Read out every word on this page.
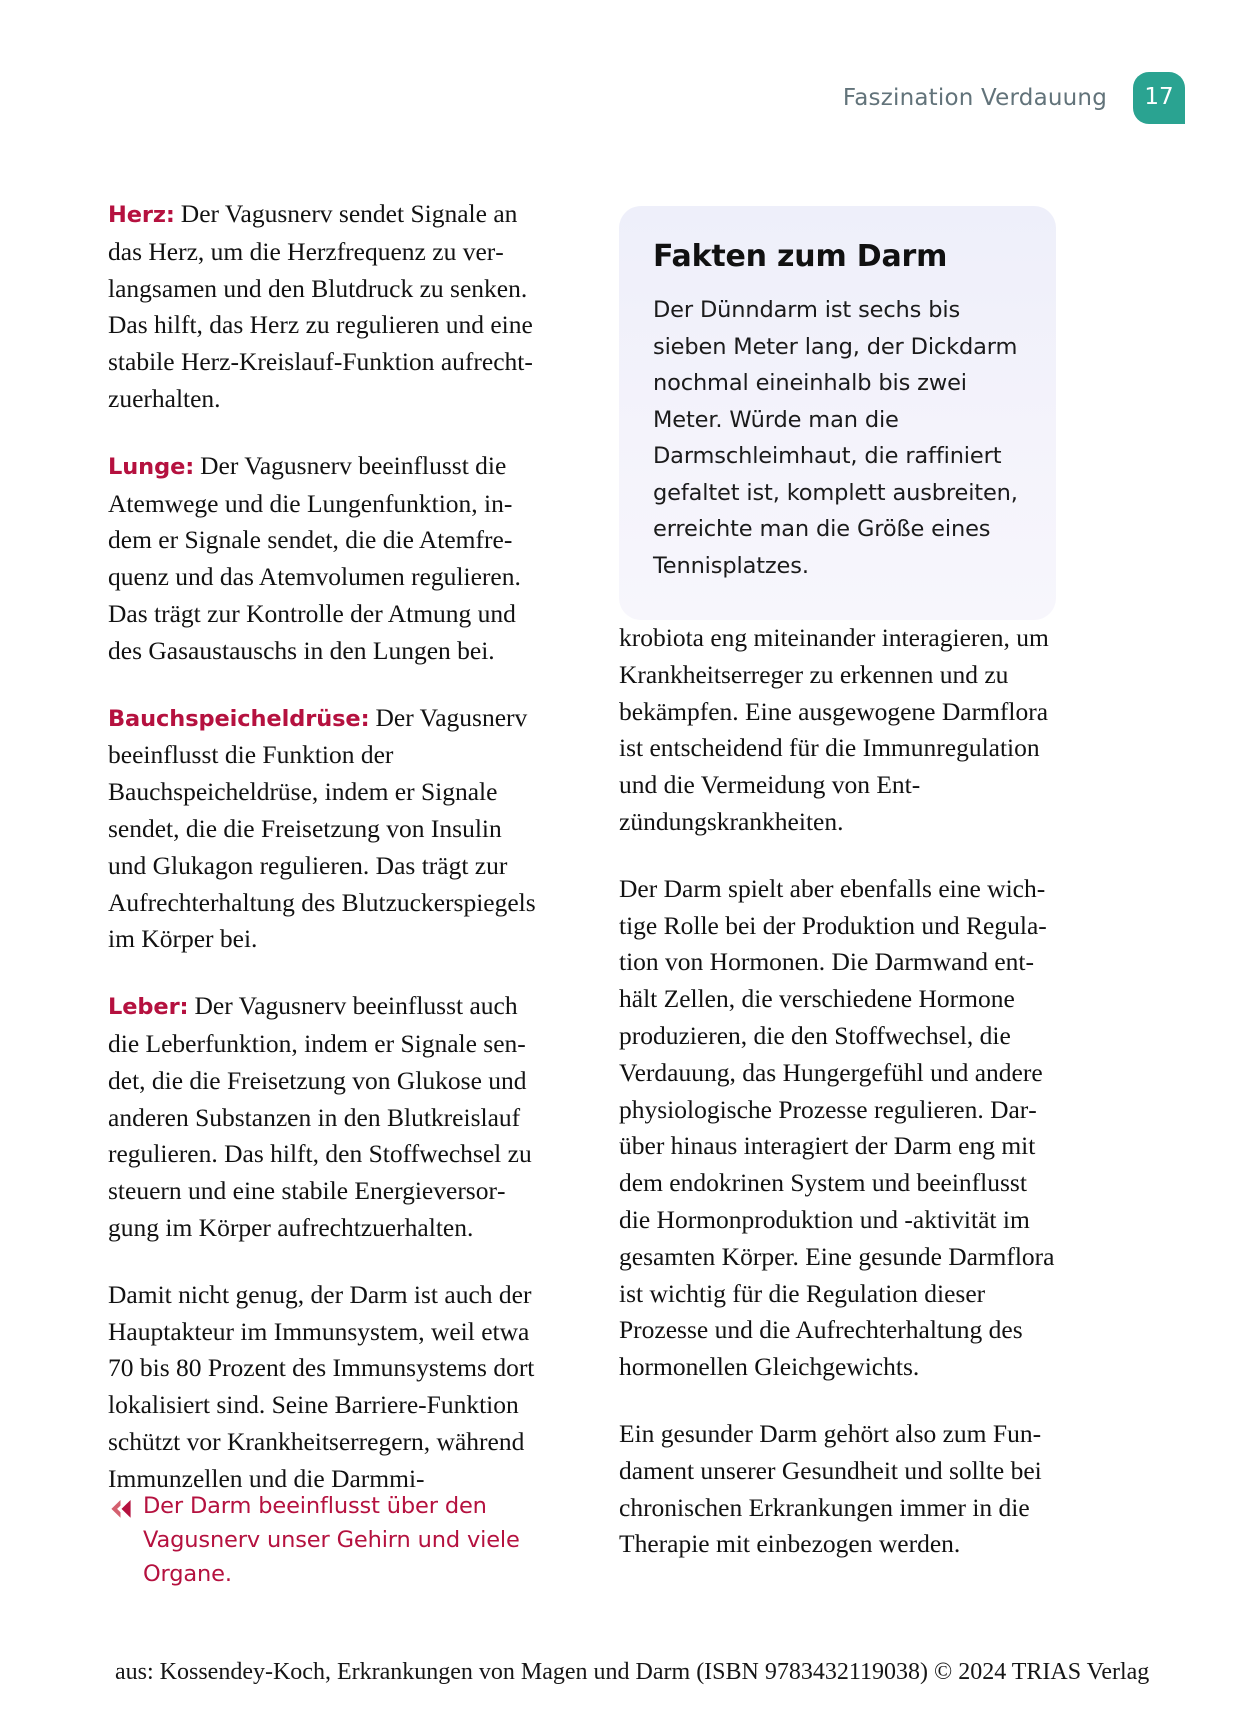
Faszination Verdauung 17

Herz: Der Vagusnerv sendet Signale an das Herz, um die Herzfrequenz zu verlangsamen und den Blutdruck zu senken. Das hilft, das Herz zu regulieren und eine stabile Herz-Kreislauf-Funktion aufrechtzuerhalten.

Lunge: Der Vagusnerv beeinflusst die Atemwege und die Lungenfunktion, indem er Signale sendet, die die Atemfrequenz und das Atemvolumen regulieren. Das trägt zur Kontrolle der Atmung und des Gasaustauschs in den Lungen bei.

Bauchspeicheldrüse: Der Vagusnerv beeinflusst die Funktion der Bauchspeicheldrüse, indem er Signale sendet, die die Freisetzung von Insulin und Glukagon regulieren. Das trägt zur Aufrechterhaltung des Blutzuckerspiegels im Körper bei.

Leber: Der Vagusnerv beeinflusst auch die Leberfunktion, indem er Signale sendet, die die Freisetzung von Glukose und anderen Substanzen in den Blutkreislauf regulieren. Das hilft, den Stoffwechsel zu steuern und eine stabile Energieversorgung im Körper aufrechtzuerhalten.

Damit nicht genug, der Darm ist auch der Hauptakteur im Immunsystem, weil etwa 70 bis 80 Prozent des Immunsystems dort lokalisiert sind. Seine Barriere-Funktion schützt vor Krankheitserregern, während Immunzellen und die Darmmi-

Fakten zum Darm

Der Dünndarm ist sechs bis sieben Meter lang, der Dickdarm nochmal eineinhalb bis zwei Meter. Würde man die Darmschleimhaut, die raffiniert gefaltet ist, komplett ausbreiten, erreichte man die Größe eines Tennisplatzes.

krobiota eng miteinander interagieren, um Krankheitserreger zu erkennen und zu bekämpfen. Eine ausgewogene Darmflora ist entscheidend für die Immunregulation und die Vermeidung von Entzündungskrankheiten.

Der Darm spielt aber ebenfalls eine wichtige Rolle bei der Produktion und Regulation von Hormonen. Die Darmwand enthält Zellen, die verschiedene Hormone produzieren, die den Stoffwechsel, die Verdauung, das Hungergefühl und andere physiologische Prozesse regulieren. Darüber hinaus interagiert der Darm eng mit dem endokrinen System und beeinflusst die Hormonproduktion und -aktivität im gesamten Körper. Eine gesunde Darmflora ist wichtig für die Regulation dieser Prozesse und die Aufrechterhaltung des hormonellen Gleichgewichts.

Ein gesunder Darm gehört also zum Fundament unserer Gesundheit und sollte bei chronischen Erkrankungen immer in die Therapie mit einbezogen werden.

Der Darm beeinflusst über den Vagusnerv unser Gehirn und viele Organe.
aus: Kossendey-Koch, Erkrankungen von Magen und Darm (ISBN 9783432119038) © 2024 TRIAS Verlag
